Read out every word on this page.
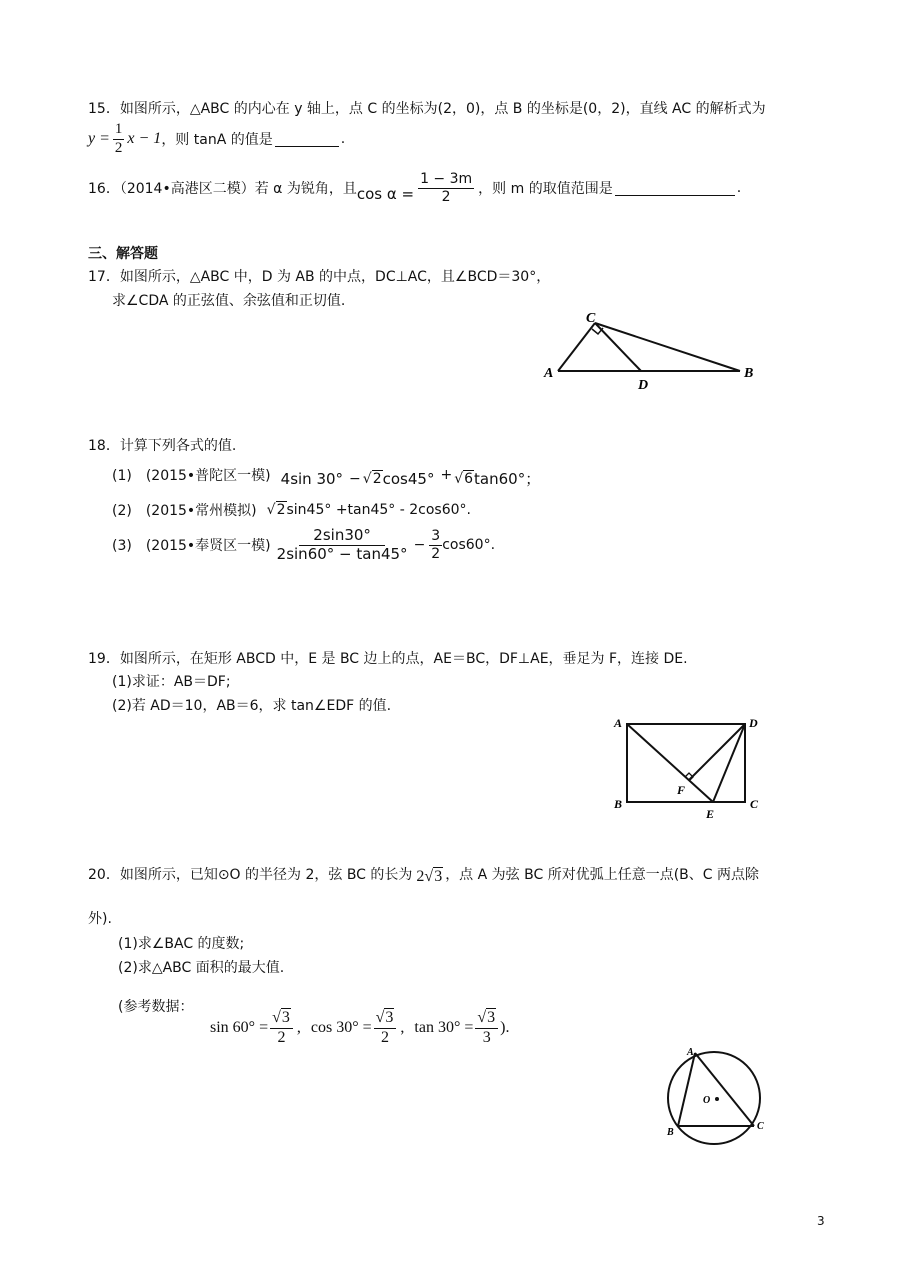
15．如图所示，△ABC 的内心在 y 轴上，点 C 的坐标为(2，0)，点 B 的坐标是(0，2)，直线 AC 的解析式为
$y = \frac{1}{2}$ x − 1 ，则 tanA 的值是	.
16．（2014•高港区二模）若 α 为锐角，且 $\cos \alpha = \frac{1 - 3m}{2}$ ，则 m 的取值范围是	.
三、解答题
17．如图所示，△ABC 中，D 为 AB 的中点，DC⊥AC，且∠BCD＝30°，
求∠CDA 的正弦值、余弦值和正切值.
A
C
D
B
18．计算下列各式的值.
(1)　(2015•普陀区一模) 4sin 30° − √2 cos45° + √6 tan60°；
(2)　(2015•常州模拟) √2 sin45° +tan45° - 2cos60°.
(3)　(2015•奉贤区一模) $\frac{2\sin 30^\circ}{2\sin 60^\circ - \tan 45^\circ} - \frac{3}{2} \cos 60^\circ$.
19．如图所示，在矩形 ABCD 中，E 是 BC 边上的点，AE＝BC，DF⊥AE，垂足为 F，连接 DE.
(1)求证：AB＝DF;
(2)若 AD＝10，AB＝6，求 tan∠EDF 的值.
A	D
B	C
E
F
20．如图所示，已知⊙O 的半径为 2，弦 BC 的长为 2√3 ，点 A 为弦 BC 所对优弧上任意一点(B、C 两点除
外).
(1)求∠BAC 的度数;
(2)求△ABC 面积的最大值.
(参考数据：
$\sin 60^\circ = \frac{√3}{2}$ , $\cos 30^\circ = \frac{√3}{2}$ , $\tan 30^\circ = \frac{√3}{3}$ ).
A
O
B
C
3
